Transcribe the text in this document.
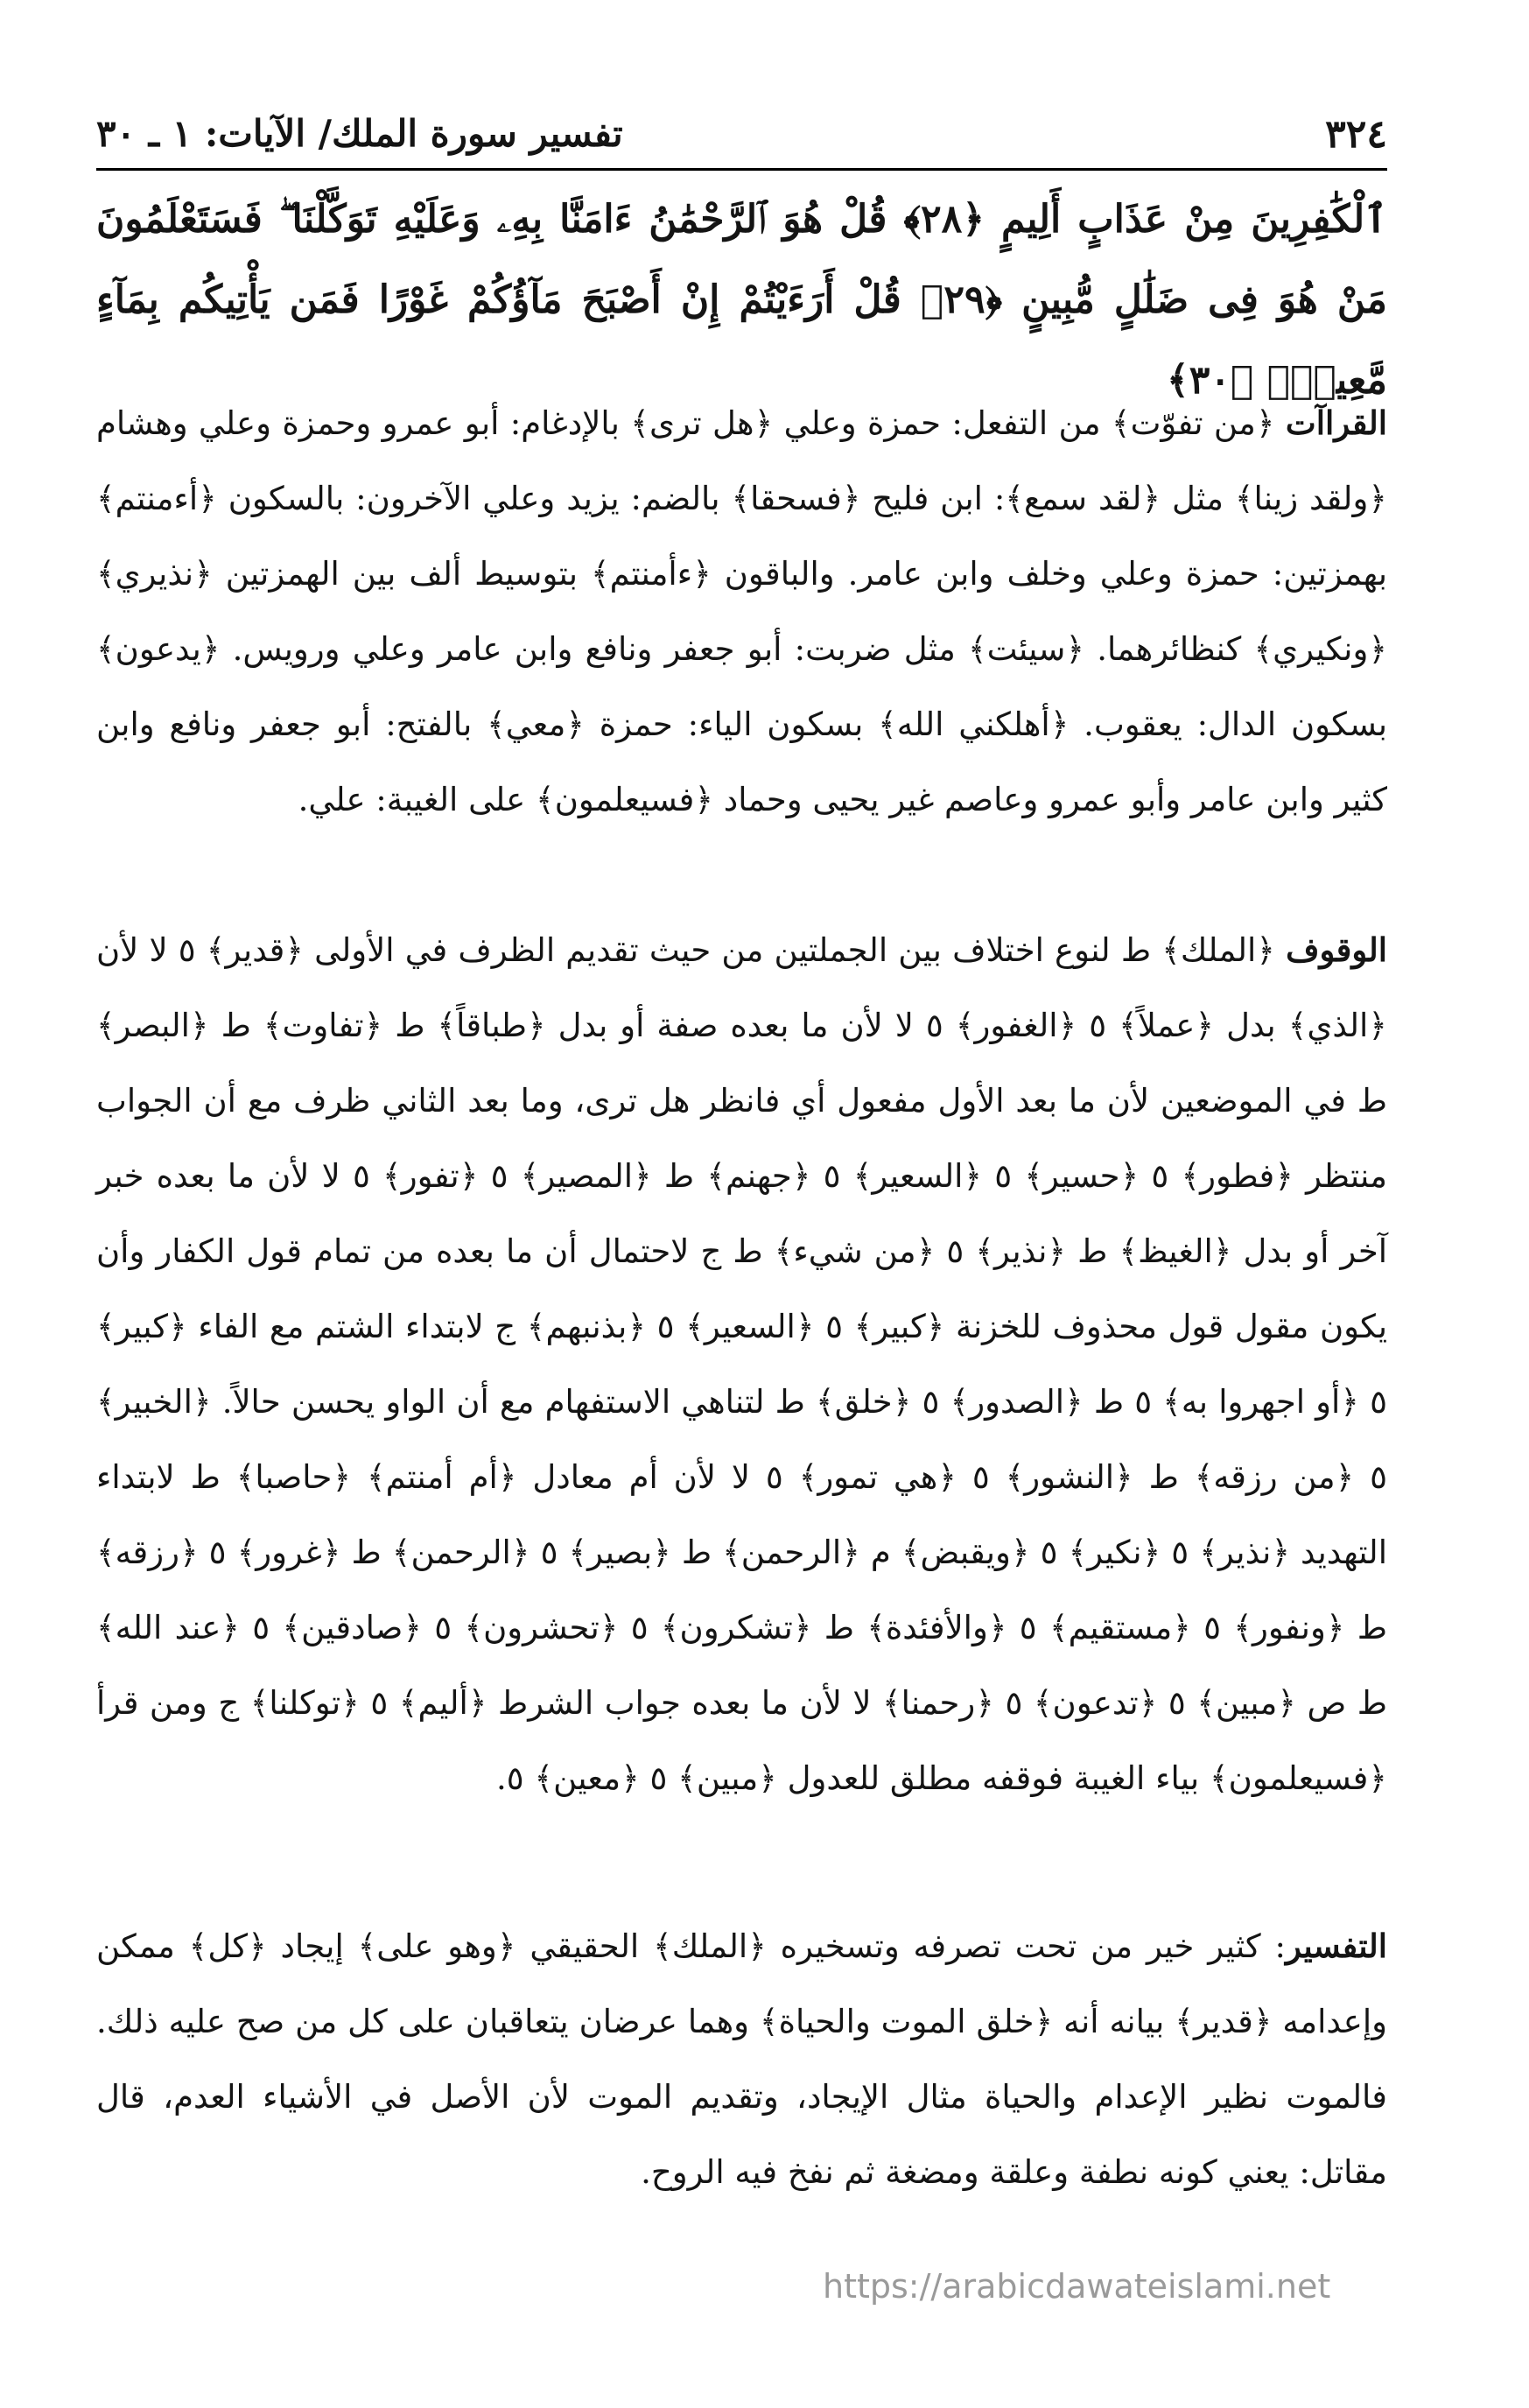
٣٢٤
تفسير سورة الملك/ الآيات: ١ ـ ٣٠
ٱلْكَٰفِرِينَ مِنْ عَذَابٍ أَلِيمٍ ﴿٢٨﴾ قُلْ هُوَ ٱلرَّحْمَٰنُ ءَامَنَّا بِهِۦ وَعَلَيْهِ تَوَكَّلْنَا ۖ فَسَتَعْلَمُونَ مَنْ هُوَ فِى ضَلَٰلٍ مُّبِينٍ ﴿٢٩﴾ قُلْ أَرَءَيْتُمْ إِنْ أَصْبَحَ مَآؤُكُمْ غَوْرًا فَمَن يَأْتِيكُم بِمَآءٍ مَّعِينٍۭ ﴿٣٠﴾
القراآت ﴿من تفوّت﴾ من التفعل: حمزة وعلي ﴿هل ترى﴾ بالإدغام: أبو عمرو وحمزة وعلي وهشام ﴿ولقد زينا﴾ مثل ﴿لقد سمع﴾: ابن فليح ﴿فسحقا﴾ بالضم: يزيد وعلي الآخرون: بالسكون ﴿أءمنتم﴾ بهمزتين: حمزة وعلي وخلف وابن عامر. والباقون ﴿ءأمنتم﴾ بتوسيط ألف بين الهمزتين ﴿نذيري﴾ ﴿ونكيري﴾ كنظائرهما. ﴿سيئت﴾ مثل ضربت: أبو جعفر ونافع وابن عامر وعلي ورويس. ﴿يدعون﴾ بسكون الدال: يعقوب. ﴿أهلكني الله﴾ بسكون الياء: حمزة ﴿معي﴾ بالفتح: أبو جعفر ونافع وابن كثير وابن عامر وأبو عمرو وعاصم غير يحيى وحماد ﴿فسيعلمون﴾ على الغيبة: علي.
الوقوف ﴿الملك﴾ ط لنوع اختلاف بين الجملتين من حيث تقديم الظرف في الأولى ﴿قدير﴾ ٥ لا لأن ﴿الذي﴾ بدل ﴿عملاً﴾ ٥ ﴿الغفور﴾ ٥ لا لأن ما بعده صفة أو بدل ﴿طباقاً﴾ ط ﴿تفاوت﴾ ط ﴿البصر﴾ ط في الموضعين لأن ما بعد الأول مفعول أي فانظر هل ترى، وما بعد الثاني ظرف مع أن الجواب منتظر ﴿فطور﴾ ٥ ﴿حسير﴾ ٥ ﴿السعير﴾ ٥ ﴿جهنم﴾ ط ﴿المصير﴾ ٥ ﴿تفور﴾ ٥ لا لأن ما بعده خبر آخر أو بدل ﴿الغيظ﴾ ط ﴿نذير﴾ ٥ ﴿من شيء﴾ ط ج لاحتمال أن ما بعده من تمام قول الكفار وأن يكون مقول قول محذوف للخزنة ﴿كبير﴾ ٥ ﴿السعير﴾ ٥ ﴿بذنبهم﴾ ج لابتداء الشتم مع الفاء ﴿كبير﴾ ٥ ﴿أو اجهروا به﴾ ٥ ط ﴿الصدور﴾ ٥ ﴿خلق﴾ ط لتناهي الاستفهام مع أن الواو يحسن حالاً. ﴿الخبير﴾ ٥ ﴿من رزقه﴾ ط ﴿النشور﴾ ٥ ﴿هي تمور﴾ ٥ لا لأن أم معادل ﴿أم أمنتم﴾ ﴿حاصبا﴾ ط لابتداء التهديد ﴿نذير﴾ ٥ ﴿نكير﴾ ٥ ﴿ويقبض﴾ م ﴿الرحمن﴾ ط ﴿بصير﴾ ٥ ﴿الرحمن﴾ ط ﴿غرور﴾ ٥ ﴿رزقه﴾ ط ﴿ونفور﴾ ٥ ﴿مستقيم﴾ ٥ ﴿والأفئدة﴾ ط ﴿تشكرون﴾ ٥ ﴿تحشرون﴾ ٥ ﴿صادقين﴾ ٥ ﴿عند الله﴾ ط ص ﴿مبين﴾ ٥ ﴿تدعون﴾ ٥ ﴿رحمنا﴾ لا لأن ما بعده جواب الشرط ﴿أليم﴾ ٥ ﴿توكلنا﴾ ج ومن قرأ ﴿فسيعلمون﴾ بياء الغيبة فوقفه مطلق للعدول ﴿مبين﴾ ٥ ﴿معين﴾ ٥.
التفسير: كثير خير من تحت تصرفه وتسخيره ﴿الملك﴾ الحقيقي ﴿وهو على﴾ إيجاد ﴿كل﴾ ممكن وإعدامه ﴿قدير﴾ بيانه أنه ﴿خلق الموت والحياة﴾ وهما عرضان يتعاقبان على كل من صح عليه ذلك. فالموت نظير الإعدام والحياة مثال الإيجاد، وتقديم الموت لأن الأصل في الأشياء العدم، قال مقاتل: يعني كونه نطفة وعلقة ومضغة ثم نفخ فيه الروح.
https://arabicdawateislami.net
